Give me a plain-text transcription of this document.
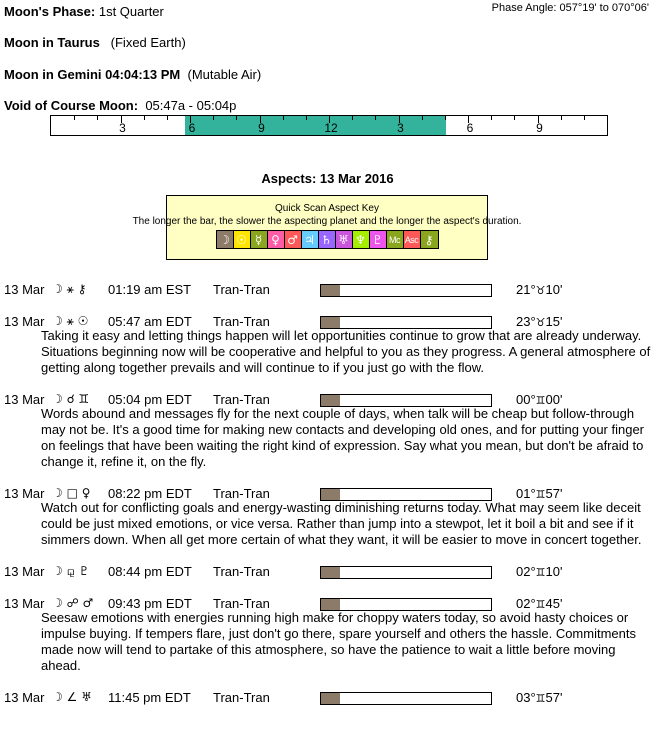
Moon's Phase: 1st Quarter	Phase Angle: 057°19' to 070°06'
Moon in Taurus (Fixed Earth)
Moon in Gemini 04:04:13 PM (Mutable Air)
Void of Course Moon: 05:47a - 05:04p
3	6	9	12	3	6	9
Aspects: 13 Mar 2016
Quick Scan Aspect Key
The longer the bar, the slower the aspecting planet and the longer the aspect's duration.
☽ ☉ ☿ ♀ ♂ ♃ ♄ ♅ ♆ ♇ Mc Asc ⚷
13 Mar ☽ ⚹ ⚷ 01:19 am EST Tran-Tran	21°♉10'
13 Mar ☽ ⚹ ☉ 05:47 am EDT Tran-Tran	23°♉15'
Taking it easy and letting things happen will let opportunities continue to grow that are already underway. Situations beginning now will be cooperative and helpful to you as they progress. A general atmosphere of getting along together prevails and will continue to if you just go with the flow.
13 Mar ☽ ☌ ♊ 05:04 pm EDT Tran-Tran	00°♊00'
Words abound and messages fly for the next couple of days, when talk will be cheap but follow-through may not be. It's a good time for making new contacts and developing old ones, and for putting your finger on feelings that have been waiting the right kind of expression. Say what you mean, but don't be afraid to change it, refine it, on the fly.
13 Mar ☽ □ ♀ 08:22 pm EDT Tran-Tran	01°♊57'
Watch out for conflicting goals and energy-wasting diminishing returns today. What may seem like deceit could be just mixed emotions, or vice versa. Rather than jump into a stewpot, let it boil a bit and see if it simmers down. When all get more certain of what they want, it will be easier to move in concert together.
13 Mar ☽ ⚼ ♇ 08:44 pm EDT Tran-Tran	02°♊10'
13 Mar ☽ ☍ ♂ 09:43 pm EDT Tran-Tran	02°♊45'
Seesaw emotions with energies running high make for choppy waters today, so avoid hasty choices or impulse buying. If tempers flare, just don't go there, spare yourself and others the hassle. Commitments made now will tend to partake of this atmosphere, so have the patience to wait a little before moving ahead.
13 Mar ☽ ∠ ♅ 11:45 pm EDT Tran-Tran	03°♊57'
